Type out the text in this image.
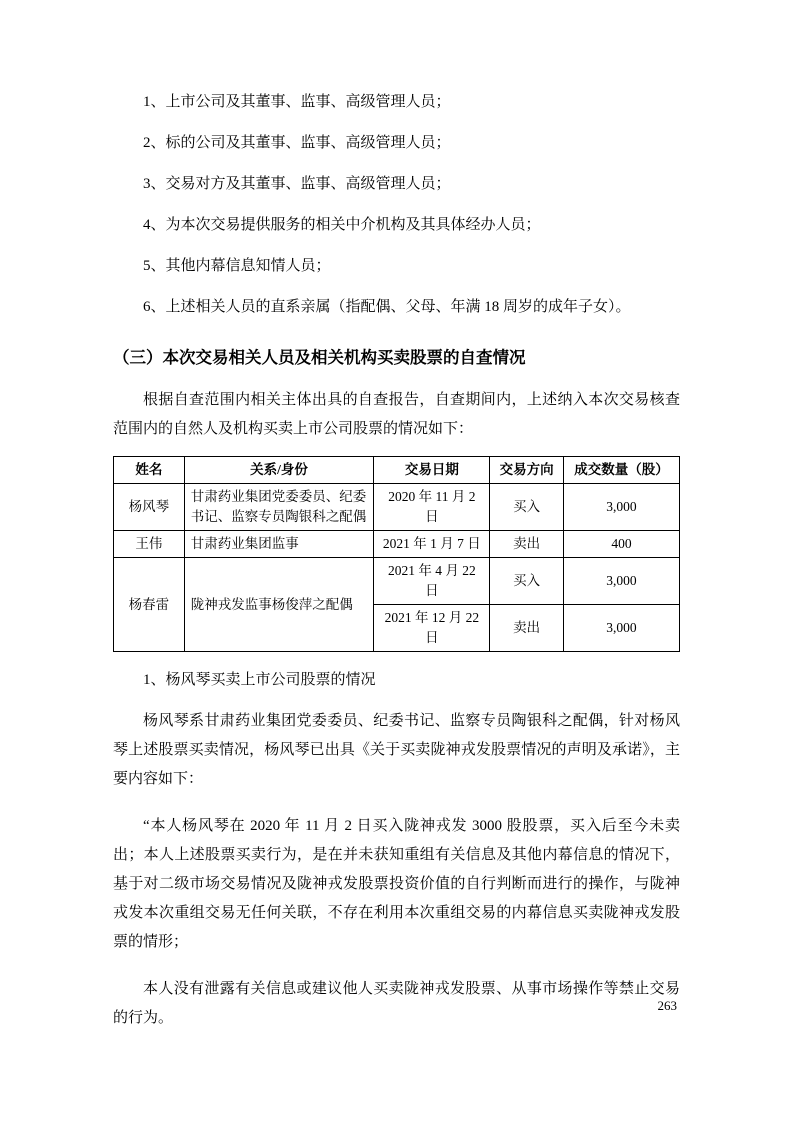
1、上市公司及其董事、监事、高级管理人员；

2、标的公司及其董事、监事、高级管理人员；

3、交易对方及其董事、监事、高级管理人员；

4、为本次交易提供服务的相关中介机构及其具体经办人员；

5、其他内幕信息知情人员；

6、上述相关人员的直系亲属（指配偶、父母、年满 18 周岁的成年子女）。

（三）本次交易相关人员及相关机构买卖股票的自查情况

根据自查范围内相关主体出具的自查报告，自查期间内，上述纳入本次交易核查范围内的自然人及机构买卖上市公司股票的情况如下：

姓名	关系/身份	交易日期	交易方向	成交数量（股）
杨风琴	甘肃药业集团党委委员、纪委书记、监察专员陶银科之配偶	2020 年 11 月 2 日	买入	3,000
王伟	甘肃药业集团监事	2021 年 1 月 7 日	卖出	400
杨春雷	陇神戎发监事杨俊萍之配偶	2021 年 4 月 22 日	买入	3,000
		2021 年 12 月 22 日	卖出	3,000

1、杨风琴买卖上市公司股票的情况

杨风琴系甘肃药业集团党委委员、纪委书记、监察专员陶银科之配偶，针对杨风琴上述股票买卖情况，杨风琴已出具《关于买卖陇神戎发股票情况的声明及承诺》，主要内容如下：

“本人杨风琴在 2020 年 11 月 2 日买入陇神戎发 3000 股股票，买入后至今未卖出；本人上述股票买卖行为，是在并未获知重组有关信息及其他内幕信息的情况下，基于对二级市场交易情况及陇神戎发股票投资价值的自行判断而进行的操作，与陇神戎发本次重组交易无任何关联，不存在利用本次重组交易的内幕信息买卖陇神戎发股票的情形；

本人没有泄露有关信息或建议他人买卖陇神戎发股票、从事市场操作等禁止交易的行为。

263
